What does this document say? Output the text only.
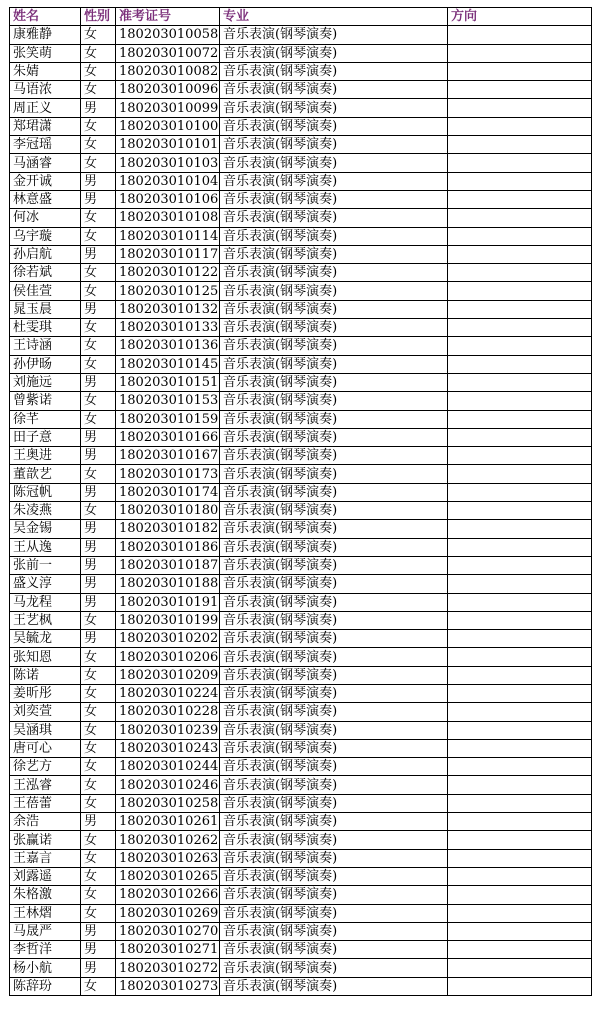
姓名	性别	准考证号	专业	方向
康雅静	女	180203010058	音乐表演(钢琴演奏)	
张笑萌	女	180203010072	音乐表演(钢琴演奏)	
朱婧	女	180203010082	音乐表演(钢琴演奏)	
马语浓	女	180203010096	音乐表演(钢琴演奏)	
周正义	男	180203010099	音乐表演(钢琴演奏)	
郑珺潇	女	180203010100	音乐表演(钢琴演奏)	
李冠瑶	女	180203010101	音乐表演(钢琴演奏)	
马涵睿	女	180203010103	音乐表演(钢琴演奏)	
金开诚	男	180203010104	音乐表演(钢琴演奏)	
林意盛	男	180203010106	音乐表演(钢琴演奏)	
何冰	女	180203010108	音乐表演(钢琴演奏)	
乌宇璇	女	180203010114	音乐表演(钢琴演奏)	
孙启航	男	180203010117	音乐表演(钢琴演奏)	
徐若斌	女	180203010122	音乐表演(钢琴演奏)	
侯佳萱	女	180203010125	音乐表演(钢琴演奏)	
晁玉晨	男	180203010132	音乐表演(钢琴演奏)	
杜雯琪	女	180203010133	音乐表演(钢琴演奏)	
王诗涵	女	180203010136	音乐表演(钢琴演奏)	
孙伊旸	女	180203010145	音乐表演(钢琴演奏)	
刘施远	男	180203010151	音乐表演(钢琴演奏)	
曾紫诺	女	180203010153	音乐表演(钢琴演奏)	
徐芊	女	180203010159	音乐表演(钢琴演奏)	
田子意	男	180203010166	音乐表演(钢琴演奏)	
王奥进	男	180203010167	音乐表演(钢琴演奏)	
董歆艺	女	180203010173	音乐表演(钢琴演奏)	
陈冠帆	男	180203010174	音乐表演(钢琴演奏)	
朱凌燕	女	180203010180	音乐表演(钢琴演奏)	
吴金锡	男	180203010182	音乐表演(钢琴演奏)	
王从逸	男	180203010186	音乐表演(钢琴演奏)	
张前一	男	180203010187	音乐表演(钢琴演奏)	
盛义淳	男	180203010188	音乐表演(钢琴演奏)	
马龙程	男	180203010191	音乐表演(钢琴演奏)	
王艺枫	女	180203010199	音乐表演(钢琴演奏)	
吴毓龙	男	180203010202	音乐表演(钢琴演奏)	
张知恩	女	180203010206	音乐表演(钢琴演奏)	
陈诺	女	180203010209	音乐表演(钢琴演奏)	
姜昕彤	女	180203010224	音乐表演(钢琴演奏)	
刘奕萱	女	180203010228	音乐表演(钢琴演奏)	
吴涵琪	女	180203010239	音乐表演(钢琴演奏)	
唐可心	女	180203010243	音乐表演(钢琴演奏)	
徐艺方	女	180203010244	音乐表演(钢琴演奏)	
王泓睿	女	180203010246	音乐表演(钢琴演奏)	
王蓓蕾	女	180203010258	音乐表演(钢琴演奏)	
余浩	男	180203010261	音乐表演(钢琴演奏)	
张赢诺	女	180203010262	音乐表演(钢琴演奏)	
王嘉言	女	180203010263	音乐表演(钢琴演奏)	
刘露遥	女	180203010265	音乐表演(钢琴演奏)	
朱格激	女	180203010266	音乐表演(钢琴演奏)	
王林熠	女	180203010269	音乐表演(钢琴演奏)	
马晟严	男	180203010270	音乐表演(钢琴演奏)	
李哲洋	男	180203010271	音乐表演(钢琴演奏)	
杨小航	男	180203010272	音乐表演(钢琴演奏)	
陈辞玢	女	180203010273	音乐表演(钢琴演奏)	
